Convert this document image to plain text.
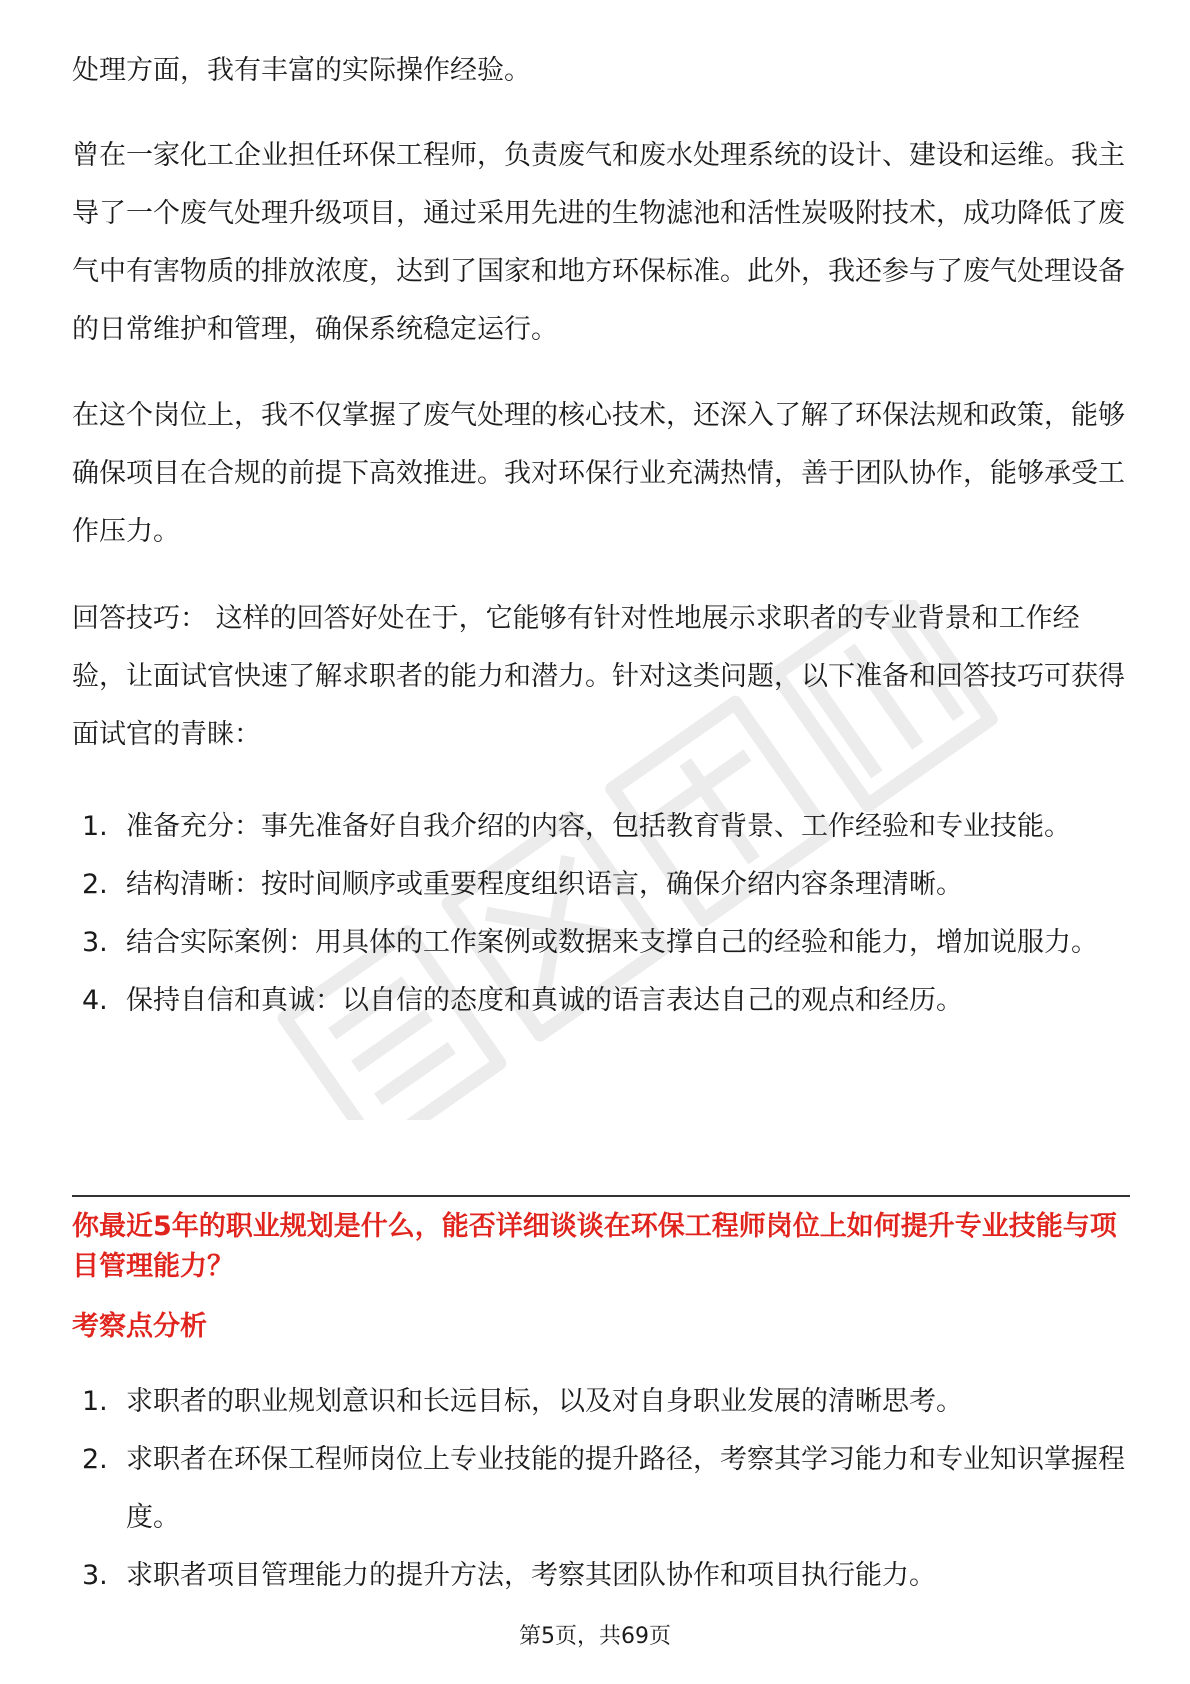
处理方面，我有丰富的实际操作经验。

曾在一家化工企业担任环保工程师，负责废气和废水处理系统的设计、建设和运维。我主导了一个废气处理升级项目，通过采用先进的生物滤池和活性炭吸附技术，成功降低了废气中有害物质的排放浓度，达到了国家和地方环保标准。此外，我还参与了废气处理设备的日常维护和管理，确保系统稳定运行。

在这个岗位上，我不仅掌握了废气处理的核心技术，还深入了解了环保法规和政策，能够确保项目在合规的前提下高效推进。我对环保行业充满热情，善于团队协作，能够承受工作压力。

回答技巧： 这样的回答好处在于，它能够有针对性地展示求职者的专业背景和工作经验，让面试官快速了解求职者的能力和潜力。针对这类问题，以下准备和回答技巧可获得面试官的青睐：

1. 准备充分：事先准备好自我介绍的内容，包括教育背景、工作经验和专业技能。
2. 结构清晰：按时间顺序或重要程度组织语言，确保介绍内容条理清晰。
3. 结合实际案例：用具体的工作案例或数据来支撑自己的经验和能力，增加说服力。
4. 保持自信和真诚：以自信的态度和真诚的语言表达自己的观点和经历。
你最近5年的职业规划是什么，能否详细谈谈在环保工程师岗位上如何提升专业技能与项目管理能力？
考察点分析
1. 求职者的职业规划意识和长远目标，以及对自身职业发展的清晰思考。
2. 求职者在环保工程师岗位上专业技能的提升路径，考察其学习能力和专业知识掌握程度。
3. 求职者项目管理能力的提升方法，考察其团队协作和项目执行能力。
第5页，共69页
